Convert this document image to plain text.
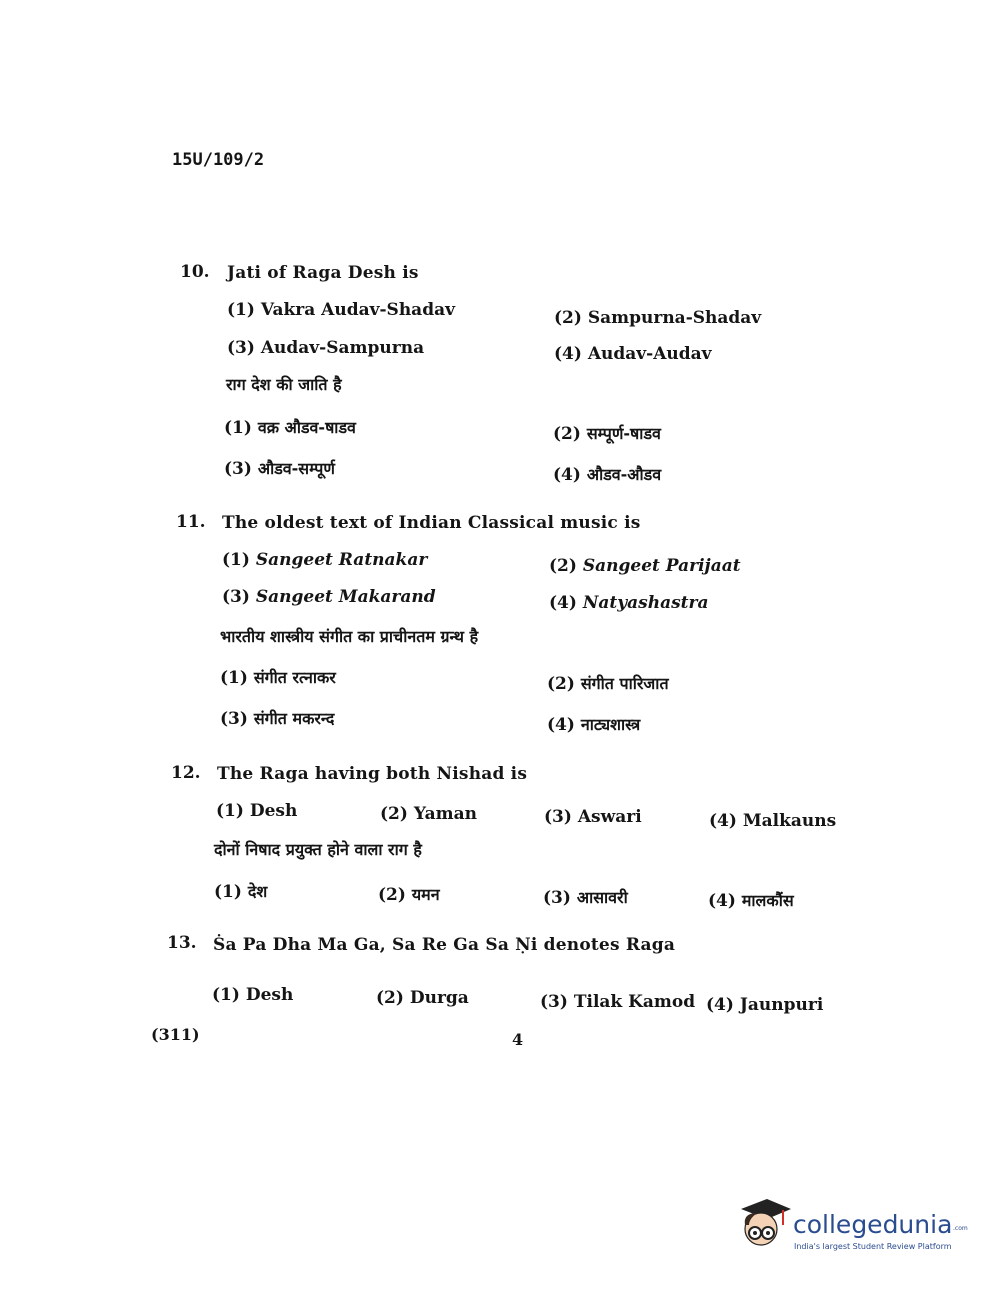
15U/109/2
10. Jati of Raga Desh is
(1) Vakra Audav-Shadav	(2) Sampurna-Shadav
(3) Audav-Sampurna	(4) Audav-Audav
राग देश की जाति है
(1) वक्र औडव-षाडव	(2) सम्पूर्ण-षाडव
(3) औडव-सम्पूर्ण	(4) औडव-औडव
11. The oldest text of Indian Classical music is
(1) Sangeet Ratnakar	(2) Sangeet Parijaat
(3) Sangeet Makarand	(4) Natyashastra
भारतीय शास्त्रीय संगीत का प्राचीनतम ग्रन्थ है
(1) संगीत रत्नाकर	(2) संगीत पारिजात
(3) संगीत मकरन्द	(4) नाट्यशास्त्र
12. The Raga having both Nishad is
(1) Desh	(2) Yaman	(3) Aswari	(4) Malkauns
दोनों निषाद प्रयुक्त होने वाला राग है
(1) देश	(2) यमन	(3) आसावरी	(4) मालकौंस
13. Ṡa Pa Dha Ma Ga, Sa Re Ga Sa Ṇi denotes Raga
(1) Desh	(2) Durga	(3) Tilak Kamod (4) Jaunpuri
(311)	4
collegedunia .com
India's largest Student Review Platform
